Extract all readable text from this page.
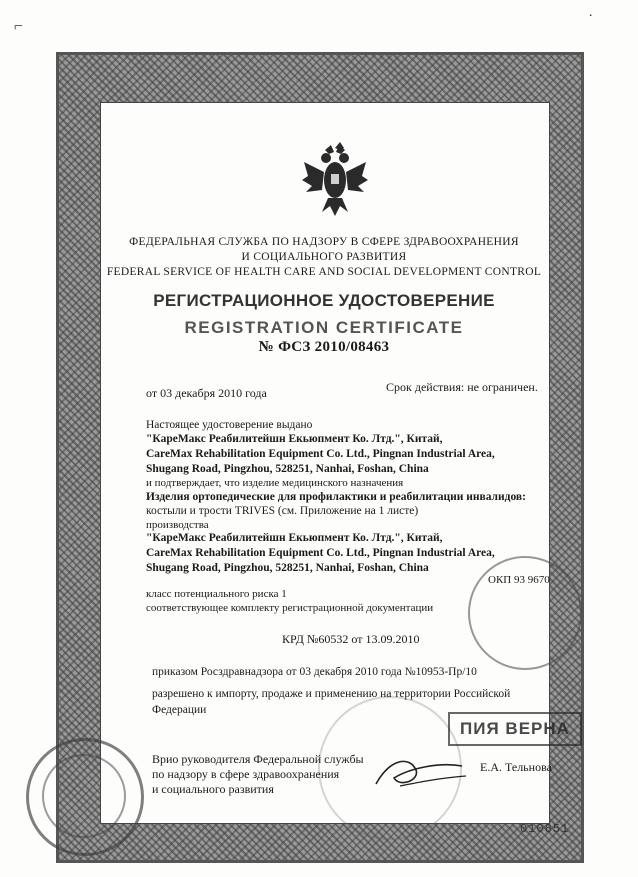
⌐	˙
ФЕДЕРАЛЬНАЯ СЛУЖБА ПО НАДЗОРУ В СФЕРЕ ЗДРАВООХРАНЕНИЯ
И СОЦИАЛЬНОГО РАЗВИТИЯ
FEDERAL SERVICE OF HEALTH CARE AND SOCIAL DEVELOPMENT CONTROL
РЕГИСТРАЦИОННОЕ УДОСТОВЕРЕНИЕ
REGISTRATION CERTIFICATE
№ ФСЗ 2010/08463
от 03 декабря 2010 года	Срок действия: не ограничен.
Настоящее удостоверение выдано
"КареМакс Реабилитейшн Екьюпмент Ко. Лтд.", Китай,
CareMax Rehabilitation Equipment Co. Ltd., Pingnan Industrial Area,
Shugang Road, Pingzhou, 528251, Nanhai, Foshan, China
и подтверждает, что изделие медицинского назначения
Изделия ортопедические для профилактики и реабилитации инвалидов:
костыли и трости TRIVES (см. Приложение на 1 листе)
производства
"КареМакс Реабилитейшн Екьюпмент Ко. Лтд.", Китай,
CareMax Rehabilitation Equipment Co. Ltd., Pingnan Industrial Area,
Shugang Road, Pingzhou, 528251, Nanhai, Foshan, China
ОКП 93 9670
класс потенциального риска 1
соответствующее комплекту регистрационной документации
КРД №60532 от 13.09.2010
приказом Росздравнадзора от 03 декабря 2010 года №10953-Пр/10
разрешено к импорту, продаже и применению на территории Российской
Федерации
ПИЯ ВЕРНА
Врио руководителя Федеральной службы
по надзору в сфере здравоохранения
и социального развития
Е.А. Тельнова
010851
